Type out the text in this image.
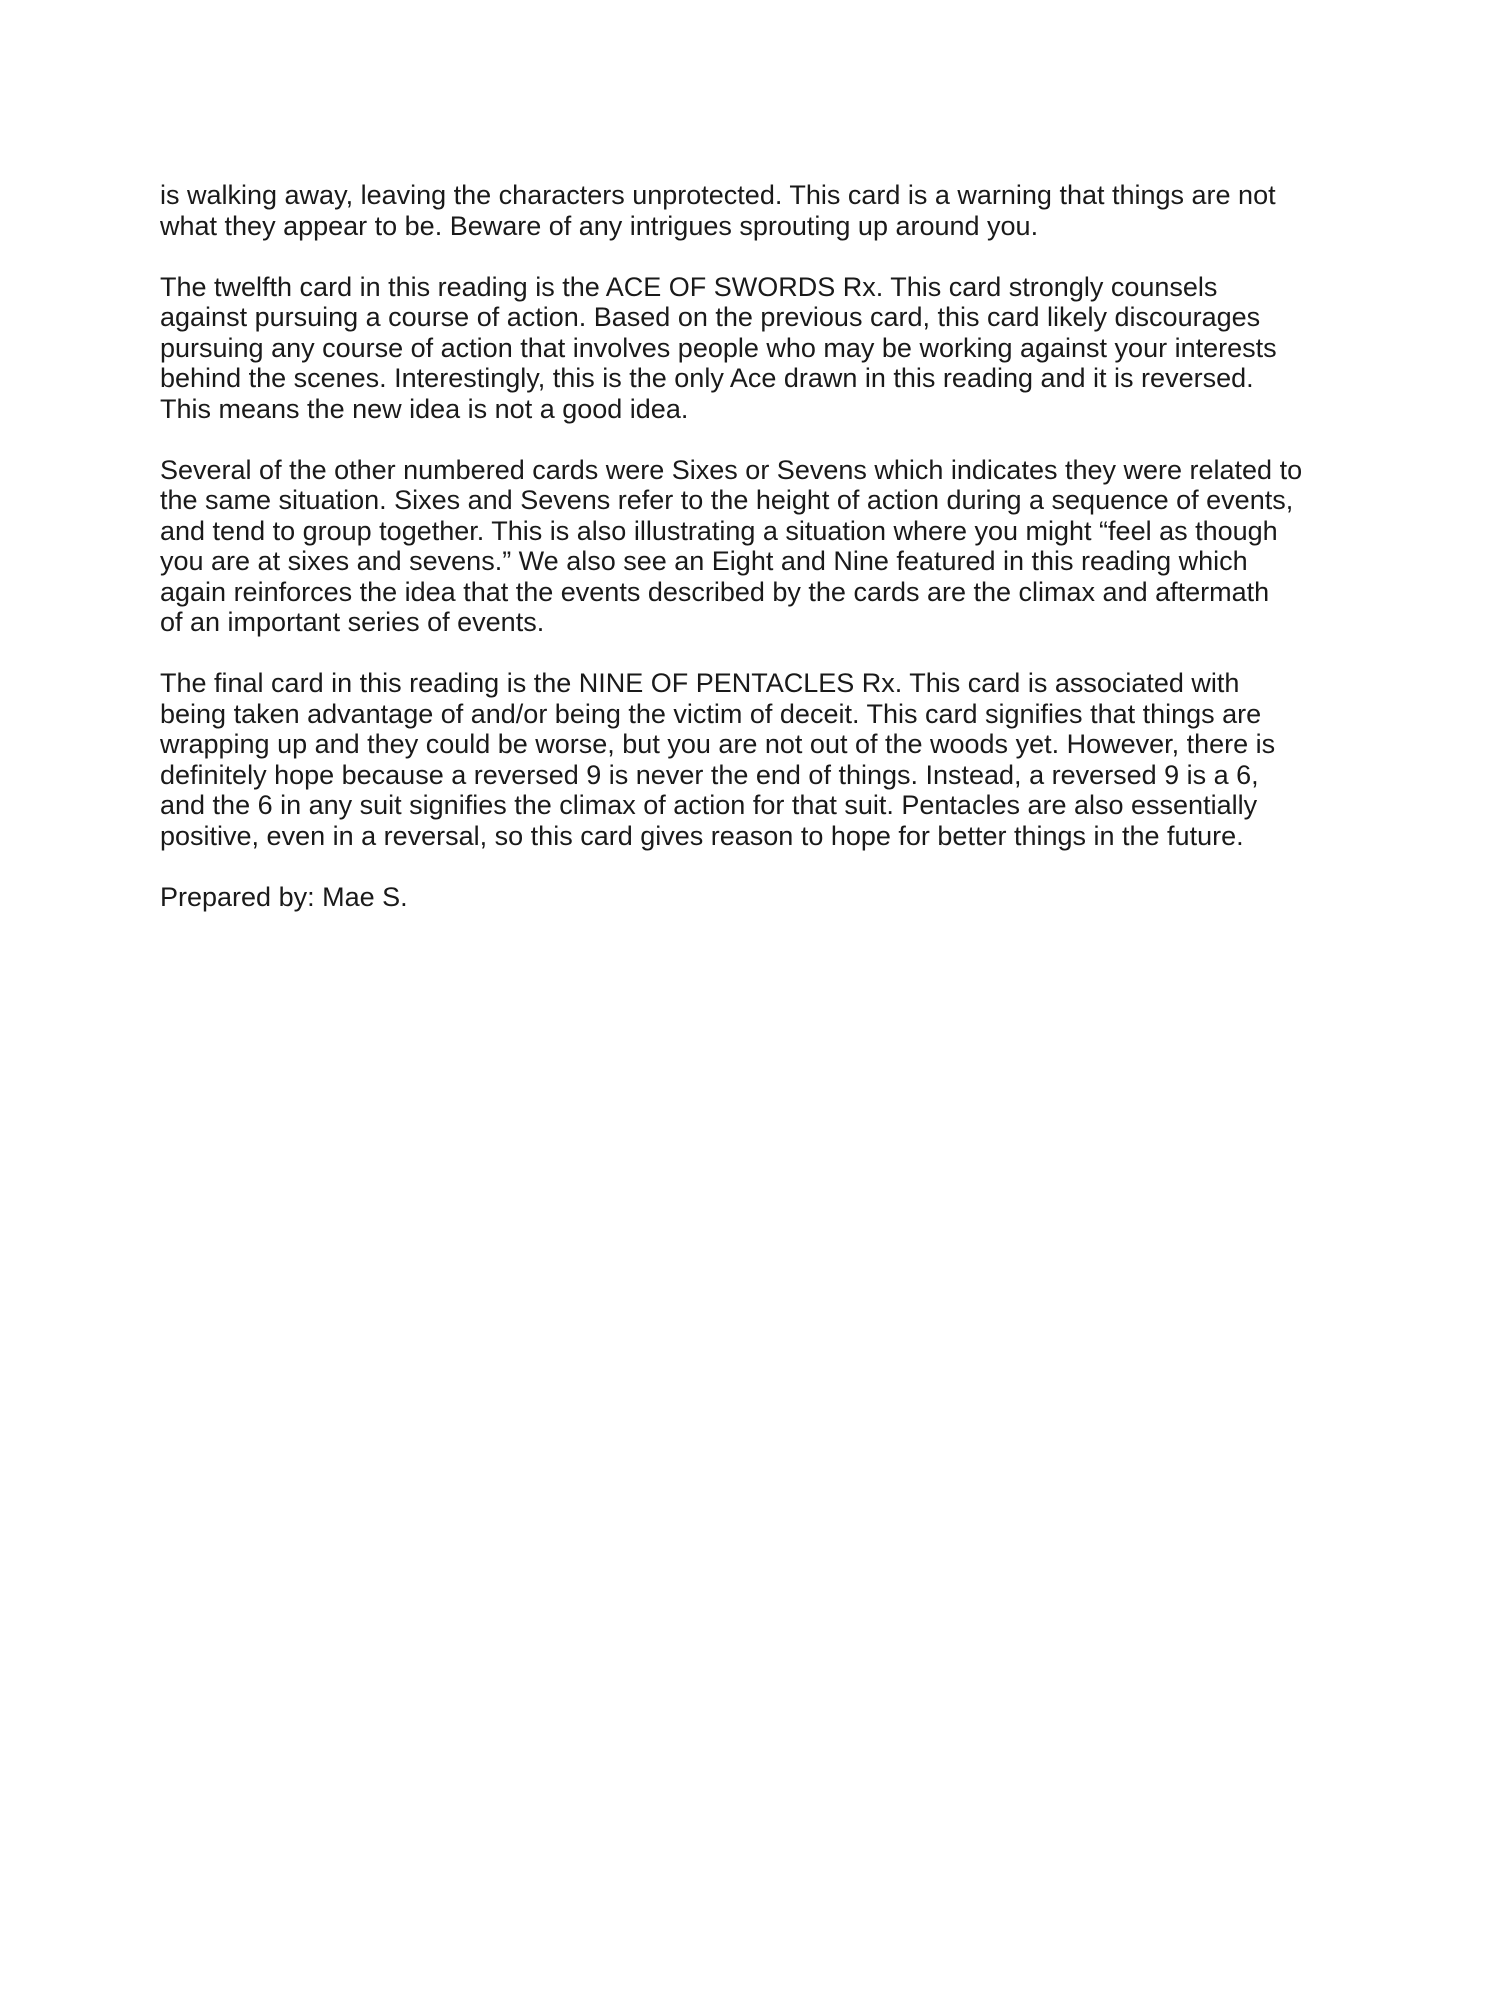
is walking away, leaving the characters unprotected. This card is a warning that things are not
what they appear to be. Beware of any intrigues sprouting up around you.

The twelfth card in this reading is the ACE OF SWORDS Rx. This card strongly counsels
against pursuing a course of action. Based on the previous card, this card likely discourages
pursuing any course of action that involves people who may be working against your interests
behind the scenes. Interestingly, this is the only Ace drawn in this reading and it is reversed.
This means the new idea is not a good idea.

Several of the other numbered cards were Sixes or Sevens which indicates they were related to
the same situation. Sixes and Sevens refer to the height of action during a sequence of events,
and tend to group together. This is also illustrating a situation where you might “feel as though
you are at sixes and sevens.” We also see an Eight and Nine featured in this reading which
again reinforces the idea that the events described by the cards are the climax and aftermath
of an important series of events.

The final card in this reading is the NINE OF PENTACLES Rx. This card is associated with
being taken advantage of and/or being the victim of deceit. This card signifies that things are
wrapping up and they could be worse, but you are not out of the woods yet. However, there is
definitely hope because a reversed 9 is never the end of things. Instead, a reversed 9 is a 6,
and the 6 in any suit signifies the climax of action for that suit. Pentacles are also essentially
positive, even in a reversal, so this card gives reason to hope for better things in the future.

Prepared by: Mae S.
